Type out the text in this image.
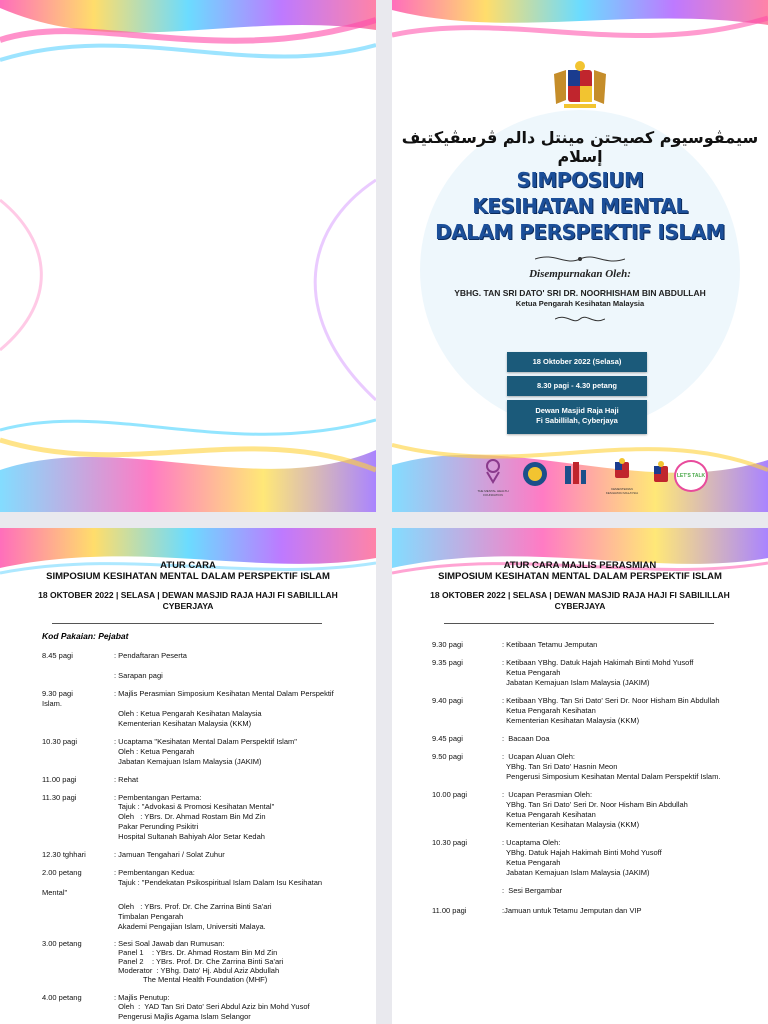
سيمڤوسيوم کصيحتن مينتل دالم ڤرسڤيکتيف إسلام
SIMPOSIUM
KESIHATAN MENTAL
DALAM PERSPEKTIF ISLAM
Disempurnakan Oleh:
YBHG. TAN SRI DATO' SRI DR. NOORHISHAM BIN ABDULLAH
Ketua Pengarah Kesihatan Malaysia
18 Oktober 2022 (Selasa)
8.30 pagi - 4.30 petang
Dewan Masjid Raja Haji
Fi Sabillilah, Cyberjaya
THE MENTAL HEALTH FOUNDATION
KEMENTERIAN KESIHATAN MALAYSIA
LET'S TALK
ATUR CARA
SIMPOSIUM KESIHATAN MENTAL DALAM PERSPEKTIF ISLAM
18 OKTOBER 2022 | SELASA | DEWAN MASJID RAJA HAJI FI SABILILLAH
CYBERJAYA
Kod Pakaian: Pejabat
8.45 pagi	: Pendaftaran Peserta
: Sarapan pagi
9.30 pagi	: Majlis Perasmian Simposium Kesihatan Mental Dalam Perspektif
Islam.
Oleh : Ketua Pengarah Kesihatan Malaysia
Kementerian Kesihatan Malaysia (KKM)
10.30 pagi	: Ucaptama "Kesihatan Mental Dalam Perspektif Islam"
Oleh : Ketua Pengarah
Jabatan Kemajuan Islam Malaysia (JAKIM)
11.00 pagi	: Rehat
11.30 pagi	: Pembentangan Pertama:
Tajuk : "Advokasi & Promosi Kesihatan Mental"
Oleh   : YBrs. Dr. Ahmad Rostam Bin Md Zin
Pakar Perunding Psikitri
Hospital Sultanah Bahiyah Alor Setar Kedah
12.30 tghhari	: Jamuan Tengahari / Solat Zuhur
2.00 petang	: Pembentangan Kedua:
Tajuk : "Pendekatan Psikospiritual Islam Dalam Isu Kesihatan
Mental"
Oleh   : YBrs. Prof. Dr. Che Zarrina Binti Sa'ari
Timbalan Pengarah
Akademi Pengajian Islam, Universiti Malaya.
3.00 petang	: Sesi Soal Jawab dan Rumusan:
Panel 1    : YBrs. Dr. Ahmad Rostam Bin Md Zin
Panel 2    : YBrs. Prof. Dr. Che Zarrina Binti Sa'ari
Moderator  : YBhg. Dato' Hj. Abdul Aziz Abdullah
The Mental Health Foundation (MHF)
4.00 petang	: Majlis Penutup:
Oleh  :  YAD Tan Sri Dato' Seri Abdul Aziz bin Mohd Yusof
Pengerusi Majlis Agama Islam Selangor
ATUR CARA MAJLIS PERASMIAN
SIMPOSIUM KESIHATAN MENTAL DALAM PERSPEKTIF ISLAM
18 OKTOBER 2022 | SELASA | DEWAN MASJID RAJA HAJI FI SABILILLAH
CYBERJAYA
9.30 pagi	: Ketibaan Tetamu Jemputan
9.35 pagi	: Ketibaan YBhg. Datuk Hajah Hakimah Binti Mohd Yusoff
Ketua Pengarah
Jabatan Kemajuan Islam Malaysia (JAKIM)
9.40 pagi	: Ketibaan YBhg. Tan Sri Dato' Seri Dr. Noor Hisham Bin Abdullah
Ketua Pengarah Kesihatan
Kementerian Kesihatan Malaysia (KKM)
9.45 pagi	:  Bacaan Doa
9.50 pagi	:  Ucapan Aluan Oleh:
YBhg. Tan Sri Dato' Hasnin Meon
Pengerusi Simposium Kesihatan Mental Dalam Perspektif Islam.
10.00 pagi	:  Ucapan Perasmian Oleh:
YBhg. Tan Sri Dato' Seri Dr. Noor Hisham Bin Abdullah
Ketua Pengarah Kesihatan
Kementerian Kesihatan Malaysia (KKM)
10.30 pagi	: Ucaptama Oleh:
YBhg. Datuk Hajah Hakimah Binti Mohd Yusoff
Ketua Pengarah
Jabatan Kemajuan Islam Malaysia (JAKIM)
:  Sesi Bergambar
11.00 pagi	:Jamuan untuk Tetamu Jemputan dan VIP
